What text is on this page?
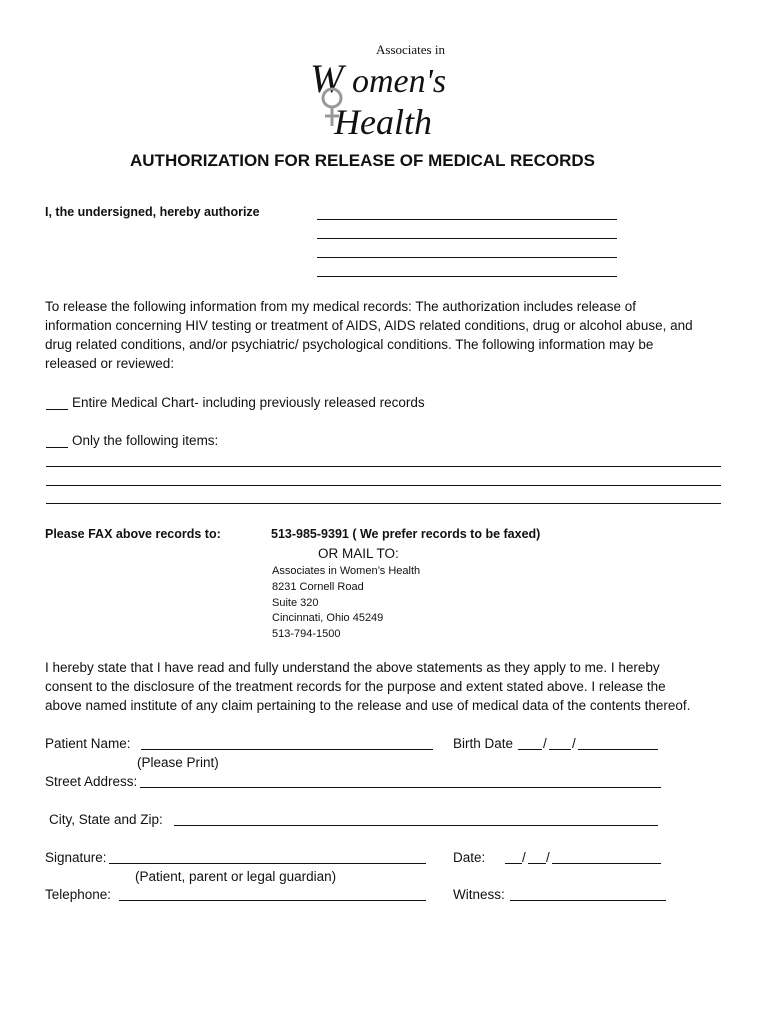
Associates in
W omen's
Health
AUTHORIZATION FOR RELEASE OF MEDICAL RECORDS
I, the undersigned, hereby authorize
To release the following information from my medical records: The authorization includes release of
information concerning HIV testing or treatment of AIDS, AIDS related conditions, drug or alcohol abuse, and
drug related conditions, and/or psychiatric/ psychological conditions. The following information may be
released or reviewed:
Entire Medical Chart- including previously released records
Only the following items:
Please FAX above records to:	513-985-9391 ( We prefer records to be faxed)
OR MAIL TO:
Associates in Women’s Health
8231 Cornell Road
Suite 320
Cincinnati, Ohio 45249
513-794-1500
I hereby state that I have read and fully understand the above statements as they apply to me. I hereby
consent to the disclosure of the treatment records for the purpose and extent stated above. I release the
above named institute of any claim pertaining to the release and use of medical data of the contents thereof.
Patient Name:	Birth Date / /
(Please Print)
Street Address:
City, State and Zip:
Signature:	Date:	/ /
(Patient, parent or legal guardian)
Telephone:	Witness:
